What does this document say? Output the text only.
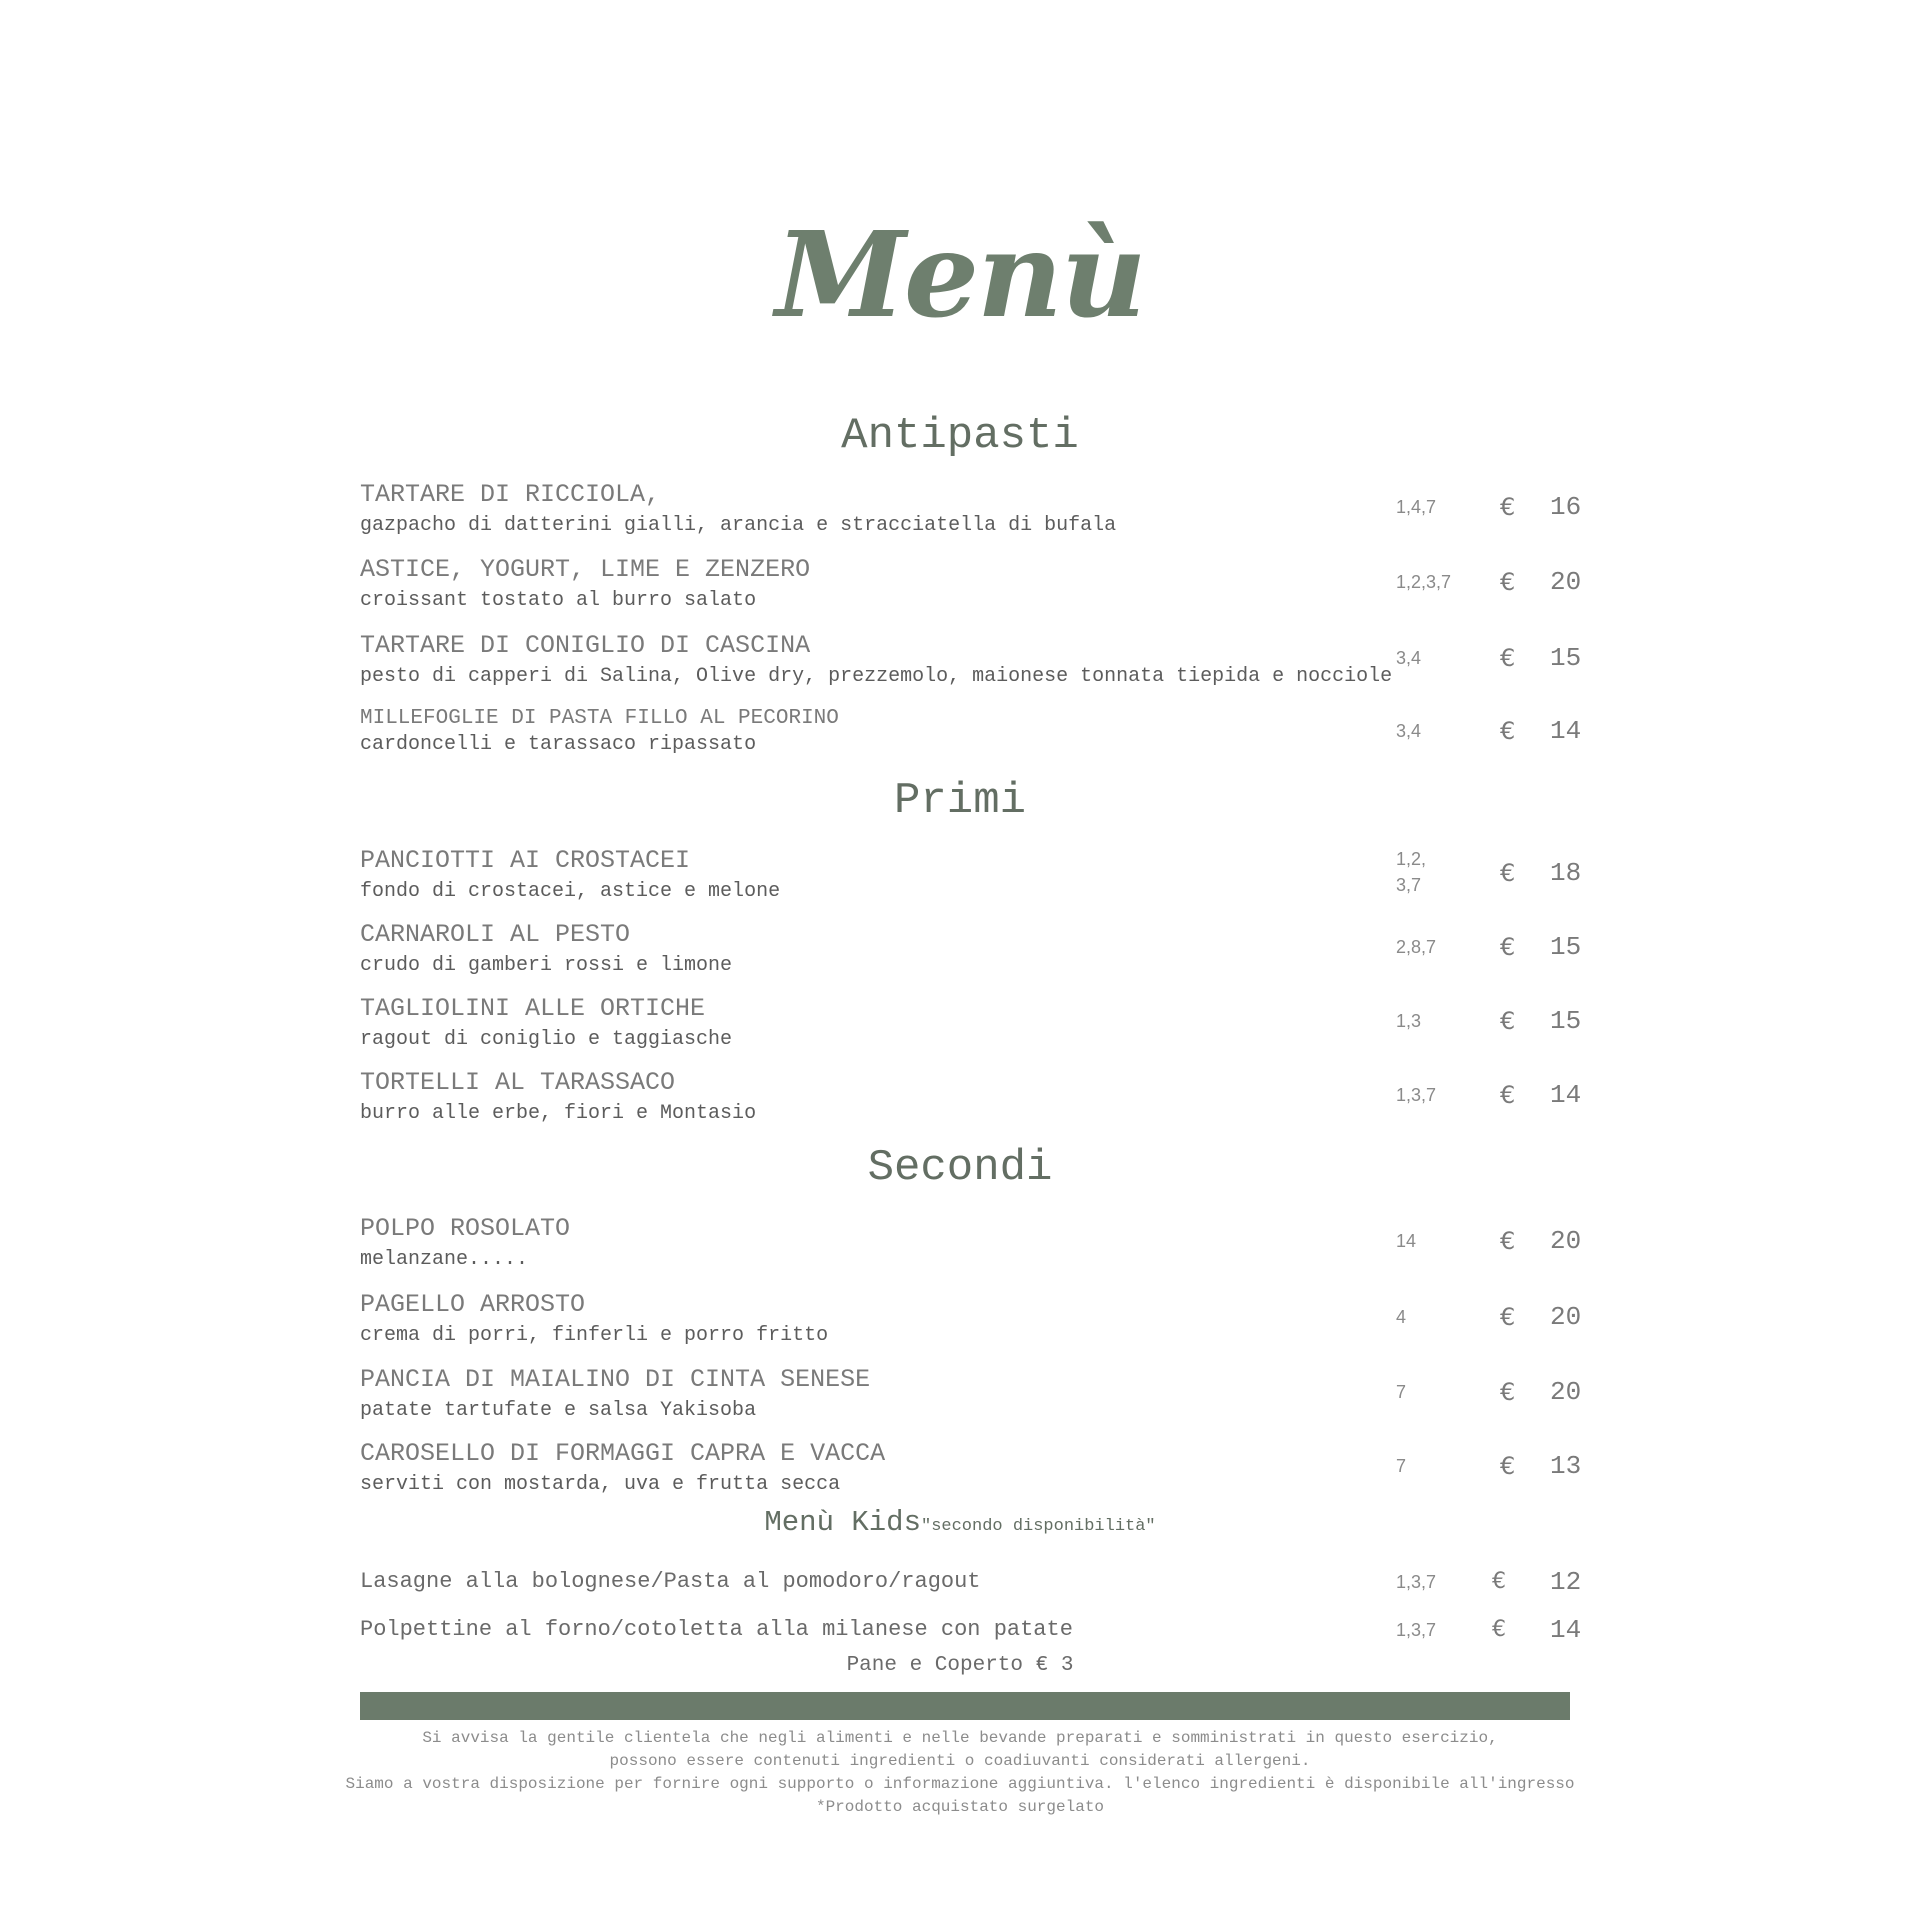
Menù
Antipasti
TARTARE DI RICCIOLA,
gazpacho di datterini gialli, arancia e stracciatella di bufala
1,4,7	€ 16
ASTICE, YOGURT, LIME E ZENZERO
croissant tostato al burro salato
1,2,3,7 € 20
TARTARE DI CONIGLIO DI CASCINA
pesto di capperi di Salina, Olive dry, prezzemolo, maionese tonnata tiepida e nocciole
3,4	€ 15
MILLEFOGLIE DI PASTA FILLO AL PECORINO
cardoncelli e tarassaco ripassato
3,4	€ 14
Primi
PANCIOTTI AI CROSTACEI
fondo di crostacei, astice e melone
1,2, 3,7	€ 18
CARNAROLI AL PESTO
crudo di gamberi rossi e limone
2,8,7	€ 15
TAGLIOLINI ALLE ORTICHE
ragout di coniglio e taggiasche
1,3	€ 15
TORTELLI AL TARASSACO
burro alle erbe, fiori e Montasio
1,3,7	€ 14
Secondi
POLPO ROSOLATO
melanzane.....
14	€ 20
PAGELLO ARROSTO
crema di porri, finferli e porro fritto
4	€ 20
PANCIA DI MAIALINO DI CINTA SENESE
patate tartufate e salsa Yakisoba
7	€ 20
CAROSELLO DI FORMAGGI CAPRA E VACCA
serviti con mostarda, uva e frutta secca
7	€ 13
Menù Kids"secondo disponibilità"
Lasagne alla bolognese/Pasta al pomodoro/ragout	1,3,7	€ 12
Polpettine al forno/cotoletta alla milanese con patate	1,3,7	€ 14
Pane e Coperto € 3
Si avvisa la gentile clientela che negli alimenti e nelle bevande preparati e somministrati in questo esercizio,
possono essere contenuti ingredienti o coadiuvanti considerati allergeni.
Siamo a vostra disposizione per fornire ogni supporto o informazione aggiuntiva. l'elenco ingredienti è disponibile all'ingresso
*Prodotto acquistato surgelato
